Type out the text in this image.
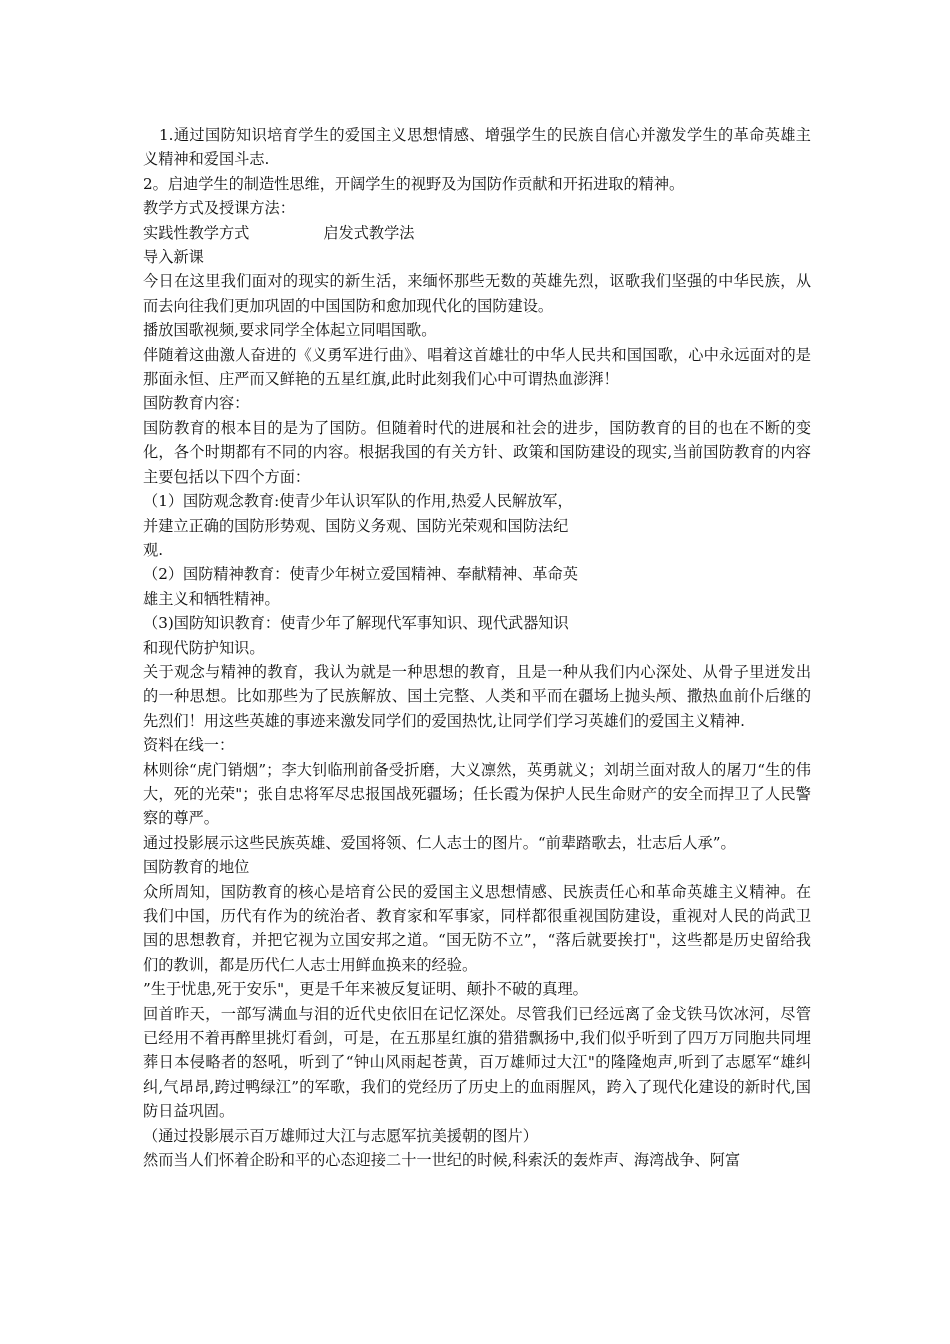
1.通过国防知识培育学生的爱国主义思想情感、增强学生的民族自信心并激发学生的革命英雄主义精神和爱国斗志.

2。启迪学生的制造性思维，开阔学生的视野及为国防作贡献和开拓进取的精神。

教学方式及授课方法：

实践性教学方式	启发式教学法

导入新课

今日在这里我们面对的现实的新生活，来缅怀那些无数的英雄先烈，讴歌我们坚强的中华民族，从而去向往我们更加巩固的中国国防和愈加现代化的国防建设。

播放国歌视频,要求同学全体起立同唱国歌。

伴随着这曲激人奋进的《义勇军进行曲》、唱着这首雄壮的中华人民共和国国歌，心中永远面对的是那面永恒、庄严而又鲜艳的五星红旗,此时此刻我们心中可谓热血澎湃！

国防教育内容：

国防教育的根本目的是为了国防。但随着时代的进展和社会的进步，国防教育的目的也在不断的变化，各个时期都有不同的内容。根据我国的有关方针、政策和国防建设的现实,当前国防教育的内容主要包括以下四个方面：

（1）国防观念教育:使青少年认识军队的作用,热爱人民解放军，

并建立正确的国防形势观、国防义务观、国防光荣观和国防法纪

观.

（2）国防精神教育：使青少年树立爱国精神、奉献精神、革命英

雄主义和牺牲精神。

（3)国防知识教育：使青少年了解现代军事知识、现代武器知识

和现代防护知识。

关于观念与精神的教育，我认为就是一种思想的教育，且是一种从我们内心深处、从骨子里迸发出的一种思想。比如那些为了民族解放、国土完整、人类和平而在疆场上抛头颅、撒热血前仆后继的先烈们！用这些英雄的事迹来激发同学们的爱国热忱,让同学们学习英雄们的爱国主义精神.

资料在线一：

林则徐“虎门销烟”；李大钊临刑前备受折磨，大义凛然，英勇就义；刘胡兰面对敌人的屠刀“生的伟大，死的光荣"；张自忠将军尽忠报国战死疆场；任长霞为保护人民生命财产的安全而捍卫了人民警察的尊严。

通过投影展示这些民族英雄、爱国将领、仁人志士的图片。“前辈踏歌去，壮志后人承”。

国防教育的地位

众所周知，国防教育的核心是培育公民的爱国主义思想情感、民族责任心和革命英雄主义精神。在我们中国，历代有作为的统治者、教育家和军事家，同样都很重视国防建设，重视对人民的尚武卫国的思想教育，并把它视为立国安邦之道。“国无防不立”，“落后就要挨打"，这些都是历史留给我们的教训，都是历代仁人志士用鲜血换来的经验。

”生于忧患,死于安乐"，更是千年来被反复证明、颠扑不破的真理。

回首昨天，一部写满血与泪的近代史依旧在记忆深处。尽管我们已经远离了金戈铁马饮冰河，尽管已经用不着再醉里挑灯看剑，可是，在五那星红旗的猎猎飘扬中,我们似乎听到了四万万同胞共同埋葬日本侵略者的怒吼，听到了“钟山风雨起苍黄，百万雄师过大江"的隆隆炮声,听到了志愿军“雄纠纠,气昂昂,跨过鸭绿江”的军歌，我们的党经历了历史上的血雨腥风，跨入了现代化建设的新时代,国防日益巩固。

（通过投影展示百万雄师过大江与志愿军抗美援朝的图片）

然而当人们怀着企盼和平的心态迎接二十一世纪的时候,科索沃的轰炸声、海湾战争、阿富
